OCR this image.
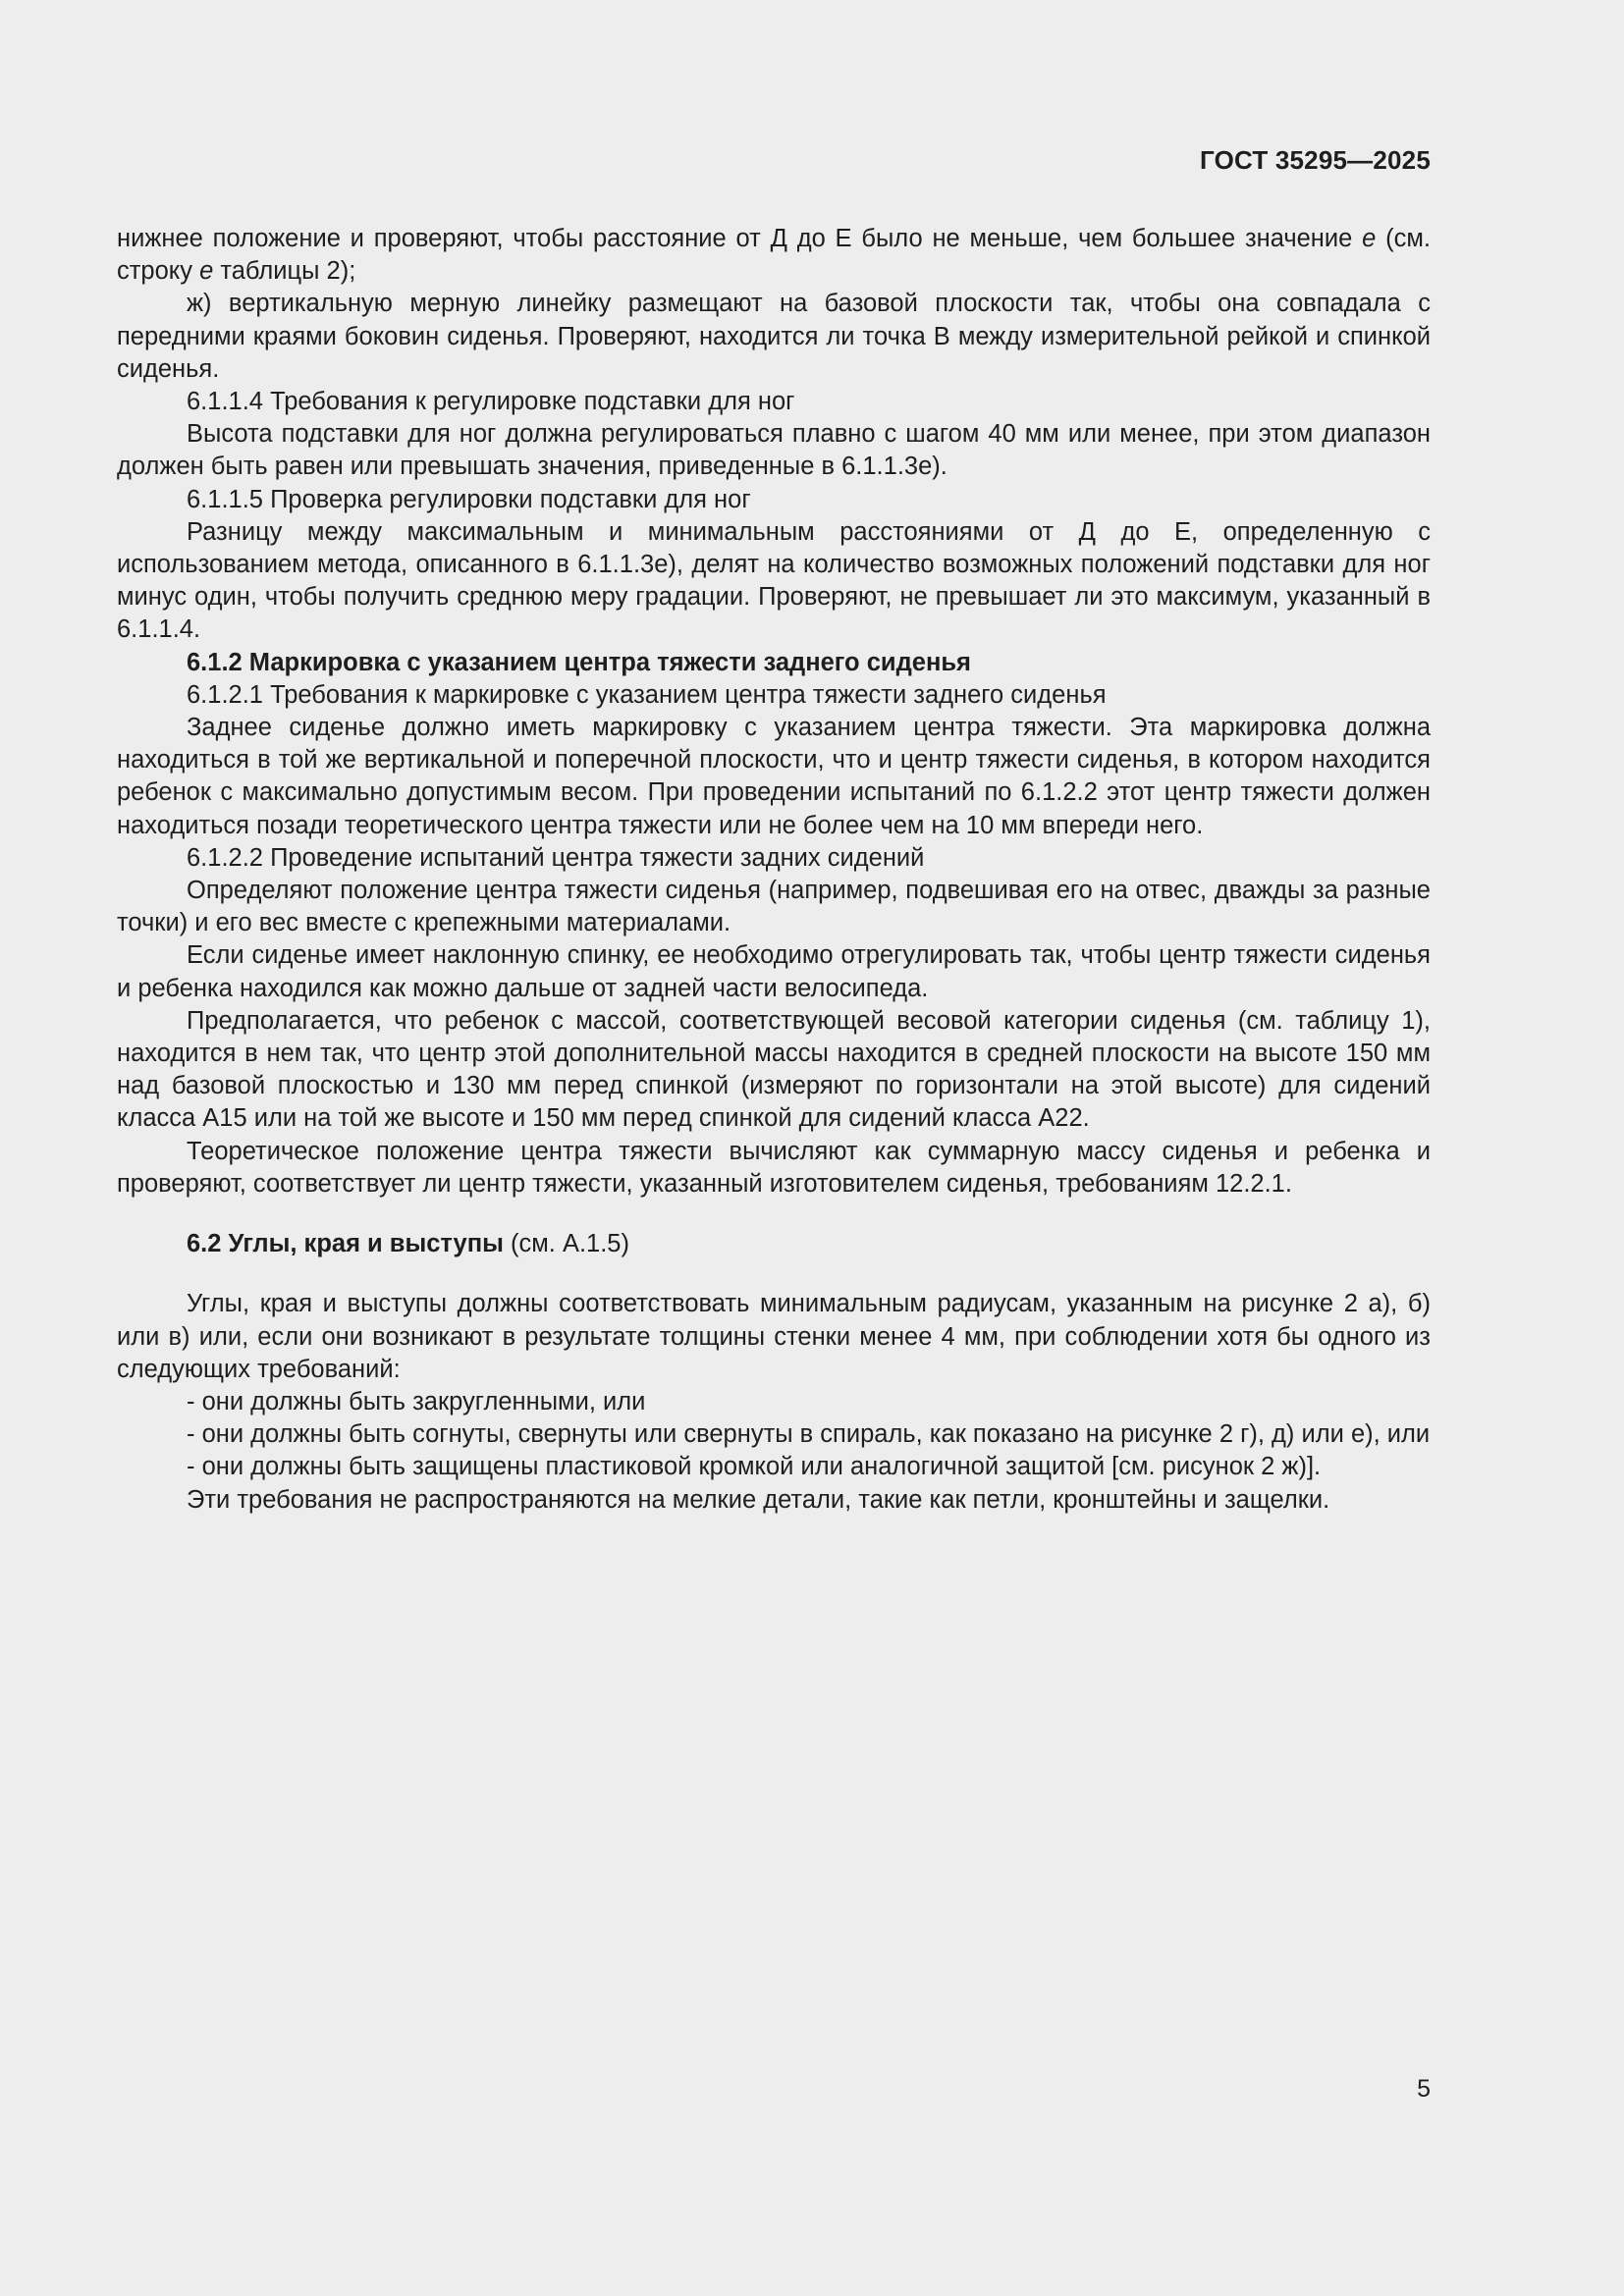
ГОСТ 35295—2025

нижнее положение и проверяют, чтобы расстояние от Д до Е было не меньше, чем большее значение е (см. строку е таблицы 2);

ж) вертикальную мерную линейку размещают на базовой плоскости так, чтобы она совпадала с передними краями боковин сиденья. Проверяют, находится ли точка В между измерительной рейкой и спинкой сиденья.

6.1.1.4 Требования к регулировке подставки для ног

Высота подставки для ног должна регулироваться плавно с шагом 40 мм или менее, при этом диапазон должен быть равен или превышать значения, приведенные в 6.1.1.3е).

6.1.1.5 Проверка регулировки подставки для ног

Разницу между максимальным и минимальным расстояниями от Д до Е, определенную с использованием метода, описанного в 6.1.1.3е), делят на количество возможных положений подставки для ног минус один, чтобы получить среднюю меру градации. Проверяют, не превышает ли это максимум, указанный в 6.1.1.4.

6.1.2 Маркировка с указанием центра тяжести заднего сиденья

6.1.2.1 Требования к маркировке с указанием центра тяжести заднего сиденья

Заднее сиденье должно иметь маркировку с указанием центра тяжести. Эта маркировка должна находиться в той же вертикальной и поперечной плоскости, что и центр тяжести сиденья, в котором находится ребенок с максимально допустимым весом. При проведении испытаний по 6.1.2.2 этот центр тяжести должен находиться позади теоретического центра тяжести или не более чем на 10 мм впереди него.

6.1.2.2 Проведение испытаний центра тяжести задних сидений

Определяют положение центра тяжести сиденья (например, подвешивая его на отвес, дважды за разные точки) и его вес вместе с крепежными материалами.

Если сиденье имеет наклонную спинку, ее необходимо отрегулировать так, чтобы центр тяжести сиденья и ребенка находился как можно дальше от задней части велосипеда.

Предполагается, что ребенок с массой, соответствующей весовой категории сиденья (см. таблицу 1), находится в нем так, что центр этой дополнительной массы находится в средней плоскости на высоте 150 мм над базовой плоскостью и 130 мм перед спинкой (измеряют по горизонтали на этой высоте) для сидений класса А15 или на той же высоте и 150 мм перед спинкой для сидений класса А22.

Теоретическое положение центра тяжести вычисляют как суммарную массу сиденья и ребенка и проверяют, соответствует ли центр тяжести, указанный изготовителем сиденья, требованиям 12.2.1.

6.2 Углы, края и выступы (см. А.1.5)

Углы, края и выступы должны соответствовать минимальным радиусам, указанным на рисунке 2 а), б) или в) или, если они возникают в результате толщины стенки менее 4 мм, при соблюдении хотя бы одного из следующих требований:

- они должны быть закругленными, или

- они должны быть согнуты, свернуты или свернуты в спираль, как показано на рисунке 2 г), д) или е), или

- они должны быть защищены пластиковой кромкой или аналогичной защитой [см. рисунок 2 ж)].

Эти требования не распространяются на мелкие детали, такие как петли, кронштейны и защелки.

5
